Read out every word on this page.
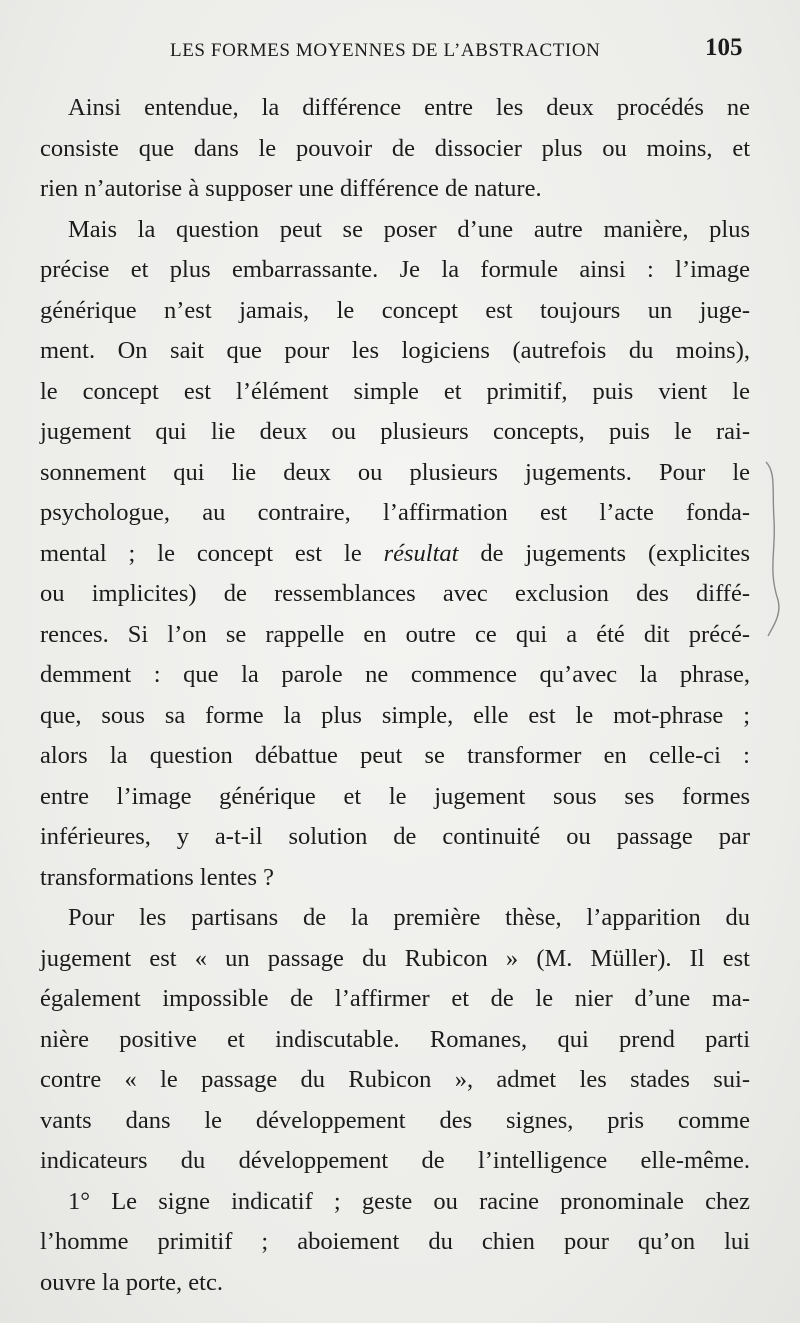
LES FORMES MOYENNES DE L’ABSTRACTION	105
Ainsi entendue, la différence entre les deux procédés ne
consiste que dans le pouvoir de dissocier plus ou moins, et
rien n’autorise à supposer une différence de nature.
Mais la question peut se poser d’une autre manière, plus
précise et plus embarrassante. Je la formule ainsi : l’image
générique n’est jamais, le concept est toujours un juge-
ment. On sait que pour les logiciens (autrefois du moins),
le concept est l’élément simple et primitif, puis vient le
jugement qui lie deux ou plusieurs concepts, puis le rai-
sonnement qui lie deux ou plusieurs jugements. Pour le
psychologue, au contraire, l’affirmation est l’acte fonda-
mental ; le concept est le résultat de jugements (explicites
ou implicites) de ressemblances avec exclusion des diffé-
rences. Si l’on se rappelle en outre ce qui a été dit précé-
demment : que la parole ne commence qu’avec la phrase,
que, sous sa forme la plus simple, elle est le mot-phrase ;
alors la question débattue peut se transformer en celle-ci :
entre l’image générique et le jugement sous ses formes
inférieures, y a-t-il solution de continuité ou passage par
transformations lentes ?
Pour les partisans de la première thèse, l’apparition du
jugement est « un passage du Rubicon » (M. Müller). Il est
également impossible de l’affirmer et de le nier d’une ma-
nière positive et indiscutable. Romanes, qui prend parti
contre « le passage du Rubicon », admet les stades sui-
vants dans le développement des signes, pris comme
indicateurs du développement de l’intelligence elle-même.
1° Le signe indicatif ; geste ou racine pronominale chez
l’homme primitif ; aboiement du chien pour qu’on lui
ouvre la porte, etc.
